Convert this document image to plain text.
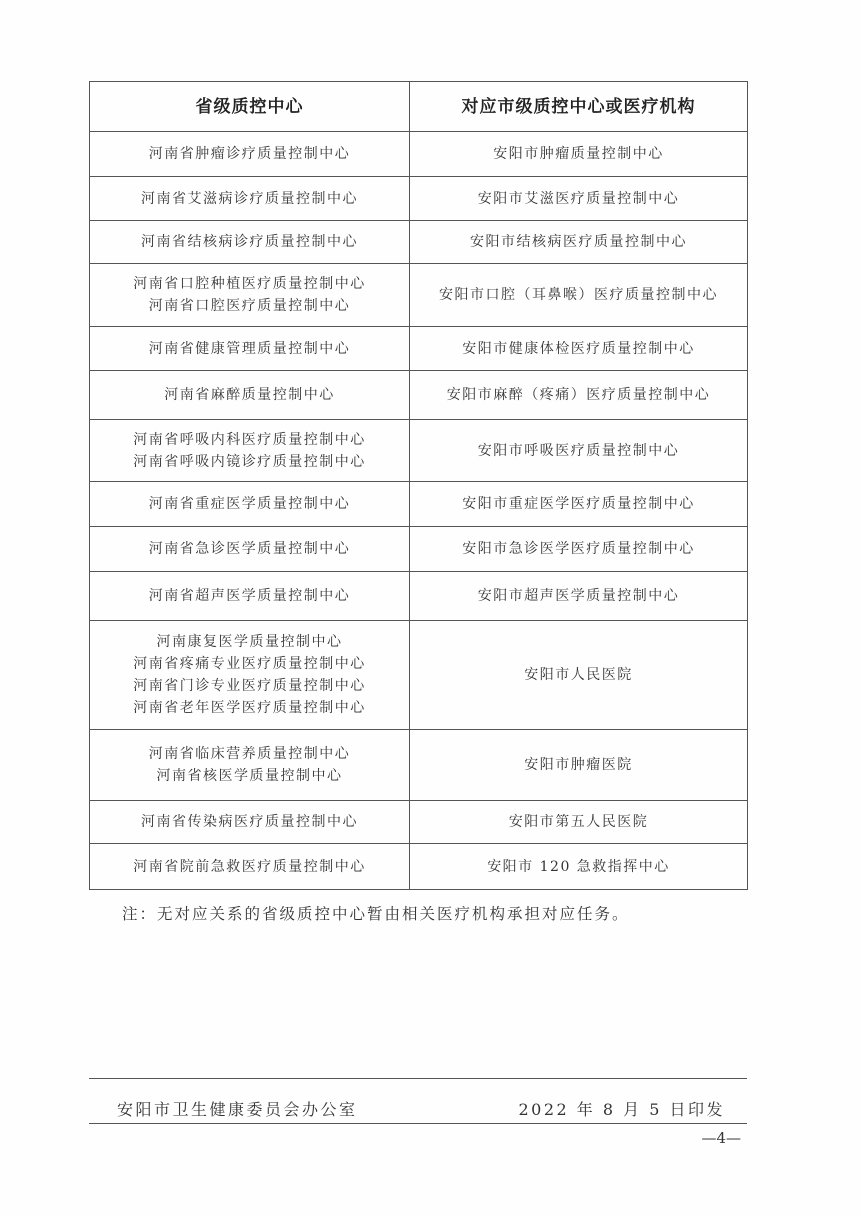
省级质控中心	对应市级质控中心或医疗机构

河南省肿瘤诊疗质量控制中心	安阳市肿瘤质量控制中心

河南省艾滋病诊疗质量控制中心	安阳市艾滋医疗质量控制中心

河南省结核病诊疗质量控制中心	安阳市结核病医疗质量控制中心

河南省口腔种植医疗质量控制中心
河南省口腔医疗质量控制中心	安阳市口腔（耳鼻喉）医疗质量控制中心

河南省健康管理质量控制中心	安阳市健康体检医疗质量控制中心

河南省麻醉质量控制中心	安阳市麻醉（疼痛）医疗质量控制中心

河南省呼吸内科医疗质量控制中心
河南省呼吸内镜诊疗质量控制中心	安阳市呼吸医疗质量控制中心

河南省重症医学质量控制中心	安阳市重症医学医疗质量控制中心

河南省急诊医学质量控制中心	安阳市急诊医学医疗质量控制中心

河南省超声医学质量控制中心	安阳市超声医学质量控制中心

河南康复医学质量控制中心
河南省疼痛专业医疗质量控制中心
河南省门诊专业医疗质量控制中心
河南省老年医学医疗质量控制中心	安阳市人民医院

河南省临床营养质量控制中心
河南省核医学质量控制中心	安阳市肿瘤医院

河南省传染病医疗质量控制中心	安阳市第五人民医院

河南省院前急救医疗质量控制中心	安阳市 120 急救指挥中心
注：无对应关系的省级质控中心暂由相关医疗机构承担对应任务。
安阳市卫生健康委员会办公室	2022 年 8 月 5 日印发
—4—
